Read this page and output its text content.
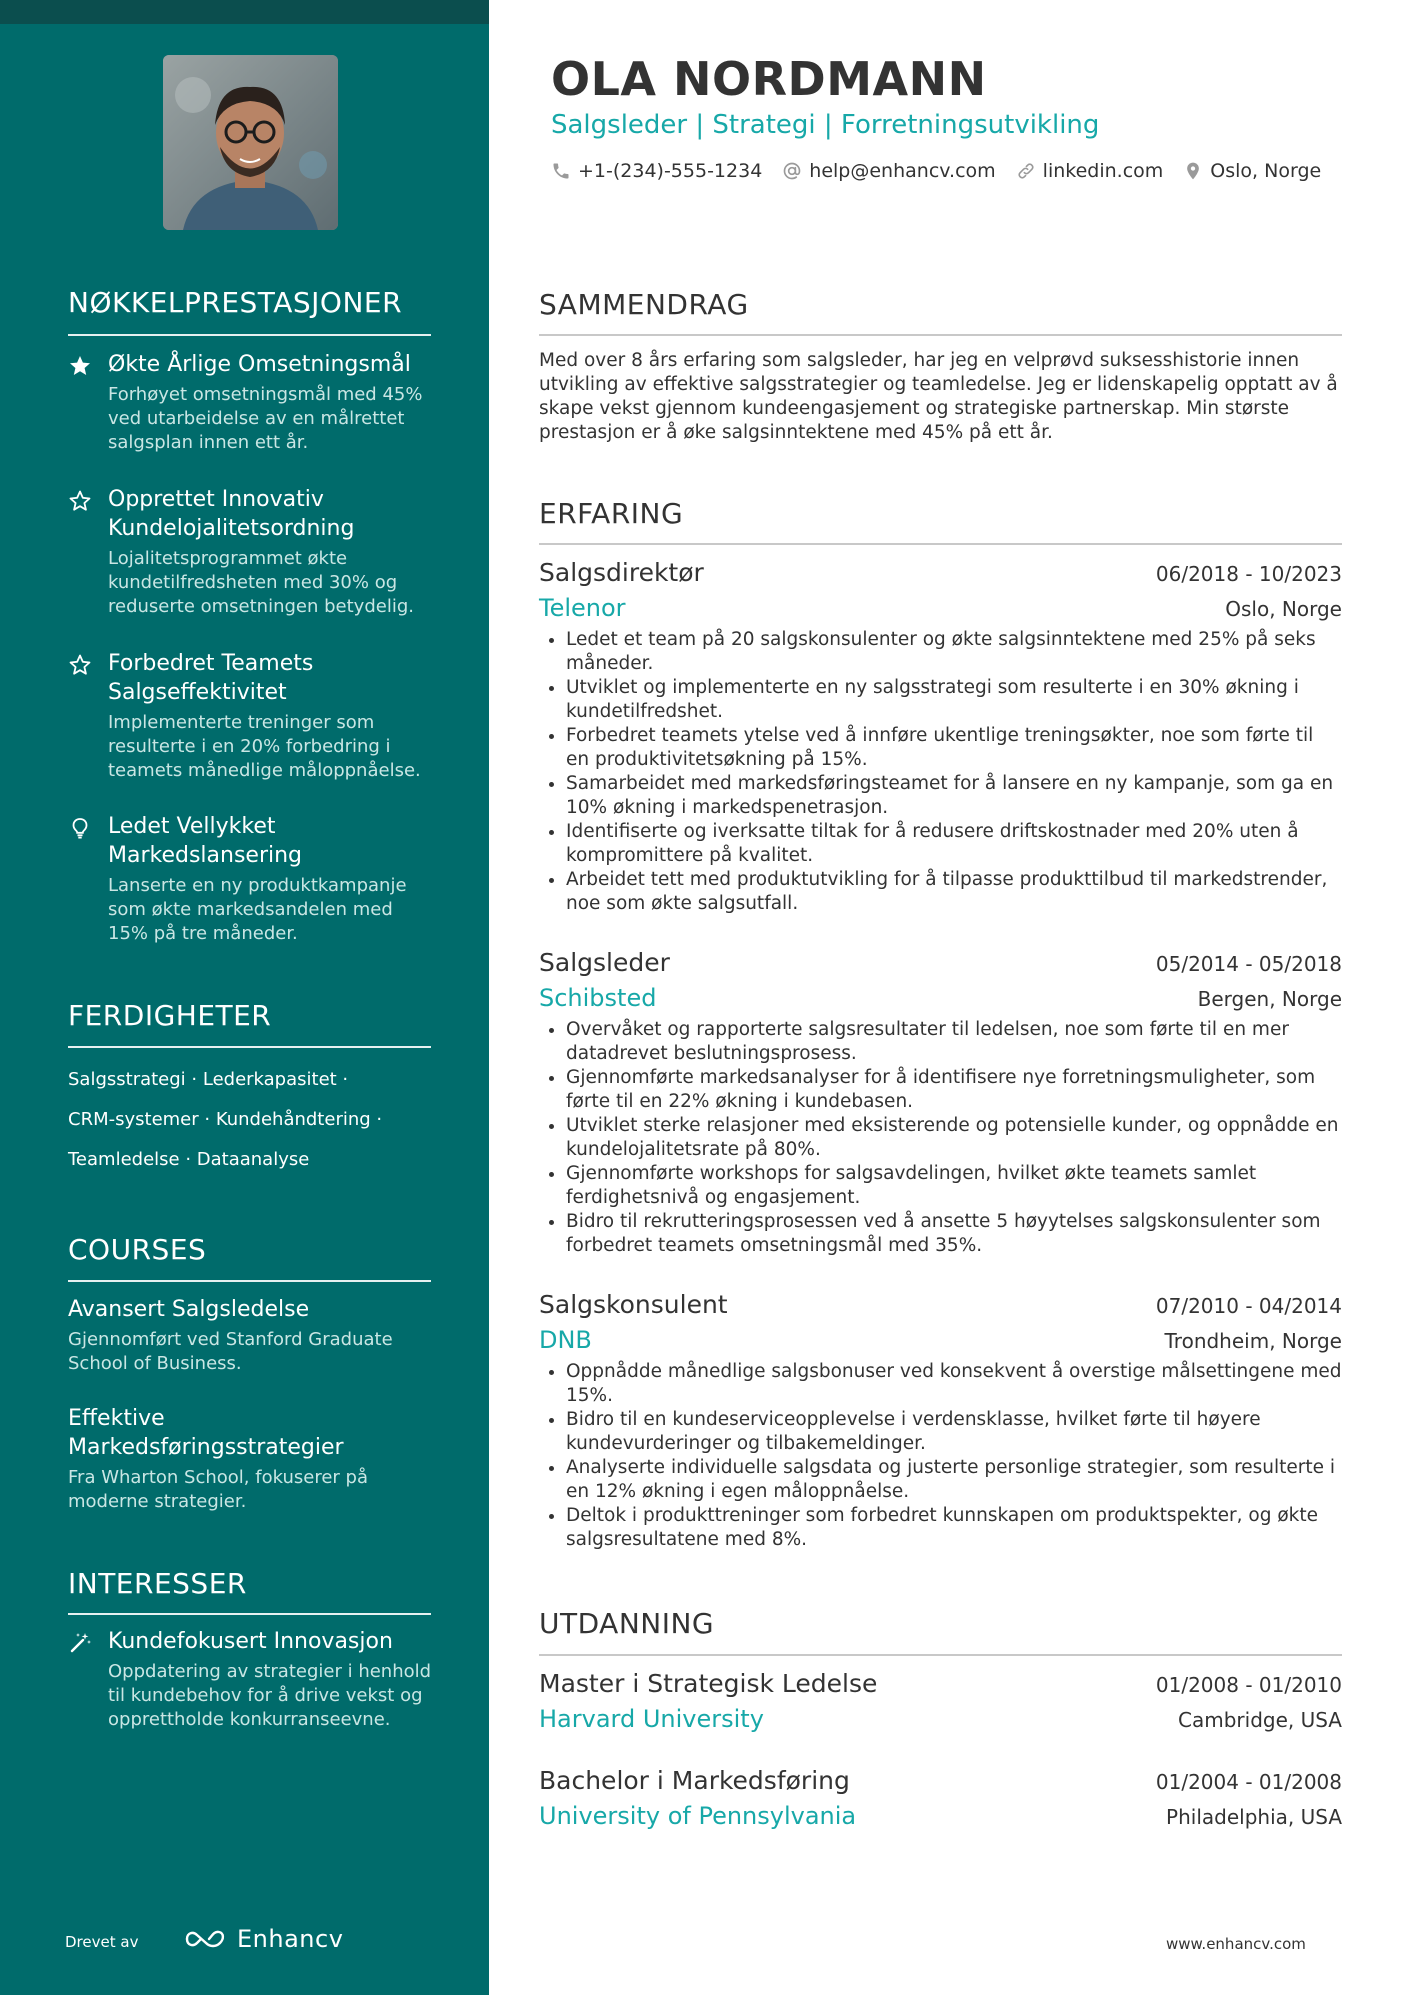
NØKKELPRESTASJONER
Økte Årlige Omsetningsmål
Forhøyet omsetningsmål med 45% ved utarbeidelse av en målrettet salgsplan innen ett år.
Opprettet Innovativ Kundelojalitetsordning
Lojalitetsprogrammet økte kundetilfredsheten med 30% og reduserte omsetningen betydelig.
Forbedret Teamets Salgseffektivitet
Implementerte treninger som resulterte i en 20% forbedring i teamets månedlige måloppnåelse.
Ledet Vellykket Markedslansering
Lanserte en ny produktkampanje som økte markedsandelen med 15% på tre måneder.
FERDIGHETER
Salgsstrategi · Lederkapasitet ·
CRM-systemer · Kundehåndtering ·
Teamledelse · Dataanalyse
COURSES
Avansert Salgsledelse
Gjennomført ved Stanford Graduate School of Business.
Effektive Markedsføringsstrategier
Fra Wharton School, fokuserer på moderne strategier.
INTERESSER
Kundefokusert Innovasjon
Oppdatering av strategier i henhold til kundebehov for å drive vekst og opprettholde konkurranseevne.
Drevet av	Enhancv
OLA NORDMANN
Salgsleder | Strategi | Forretningsutvikling
+1-(234)-555-1234 help@enhancv.com linkedin.com Oslo, Norge
SAMMENDRAG
Med over 8 års erfaring som salgsleder, har jeg en velprøvd suksesshistorie innen utvikling av effektive salgsstrategier og teamledelse. Jeg er lidenskapelig opptatt av å skape vekst gjennom kundeengasjement og strategiske partnerskap. Min største prestasjon er å øke salgsinntektene med 45% på ett år.
ERFARING
Salgsdirektør	06/2018 - 10/2023
Telenor	Oslo, Norge
• Ledet et team på 20 salgskonsulenter og økte salgsinntektene med 25% på seks måneder.
• Utviklet og implementerte en ny salgsstrategi som resulterte i en 30% økning i kundetilfredshet.
• Forbedret teamets ytelse ved å innføre ukentlige treningsøkter, noe som førte til en produktivitetsøkning på 15%.
• Samarbeidet med markedsføringsteamet for å lansere en ny kampanje, som ga en 10% økning i markedspenetrasjon.
• Identifiserte og iverksatte tiltak for å redusere driftskostnader med 20% uten å kompromittere på kvalitet.
• Arbeidet tett med produktutvikling for å tilpasse produkttilbud til markedstrender, noe som økte salgsutfall.
Salgsleder	05/2014 - 05/2018
Schibsted	Bergen, Norge
• Overvåket og rapporterte salgsresultater til ledelsen, noe som førte til en mer datadrevet beslutningsprosess.
• Gjennomførte markedsanalyser for å identifisere nye forretningsmuligheter, som førte til en 22% økning i kundebasen.
• Utviklet sterke relasjoner med eksisterende og potensielle kunder, og oppnådde en kundelojalitetsrate på 80%.
• Gjennomførte workshops for salgsavdelingen, hvilket økte teamets samlet ferdighetsnivå og engasjement.
• Bidro til rekrutteringsprosessen ved å ansette 5 høyytelses salgskonsulenter som forbedret teamets omsetningsmål med 35%.
Salgskonsulent	07/2010 - 04/2014
DNB	Trondheim, Norge
• Oppnådde månedlige salgsbonuser ved konsekvent å overstige målsettingene med 15%.
• Bidro til en kundeserviceopplevelse i verdensklasse, hvilket førte til høyere kundevurderinger og tilbakemeldinger.
• Analyserte individuelle salgsdata og justerte personlige strategier, som resulterte i en 12% økning i egen måloppnåelse.
• Deltok i produkttreninger som forbedret kunnskapen om produktspekter, og økte salgsresultatene med 8%.
UTDANNING
Master i Strategisk Ledelse	01/2008 - 01/2010
Harvard University	Cambridge, USA
Bachelor i Markedsføring	01/2004 - 01/2008
University of Pennsylvania	Philadelphia, USA
www.enhancv.com
